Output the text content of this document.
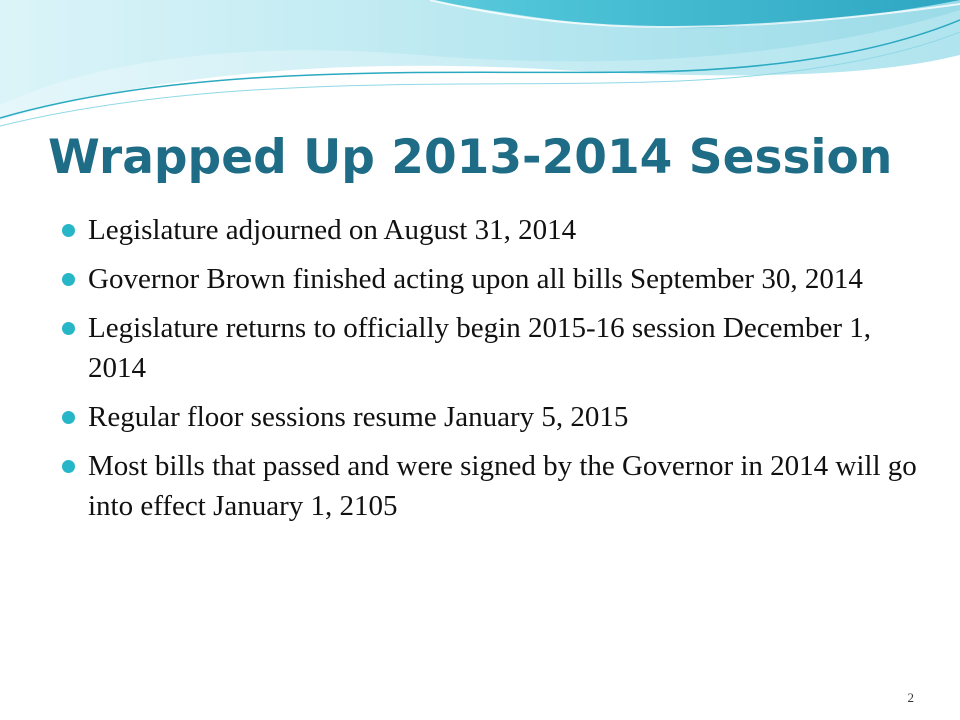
Wrapped Up 2013-2014 Session
Legislature adjourned on August 31, 2014
Governor Brown finished acting upon all bills September 30, 2014
Legislature returns to officially begin 2015-16 session December 1, 2014
Regular floor sessions resume January 5, 2015
Most bills that passed and were signed by the Governor in 2014 will go into effect January 1, 2105
2
